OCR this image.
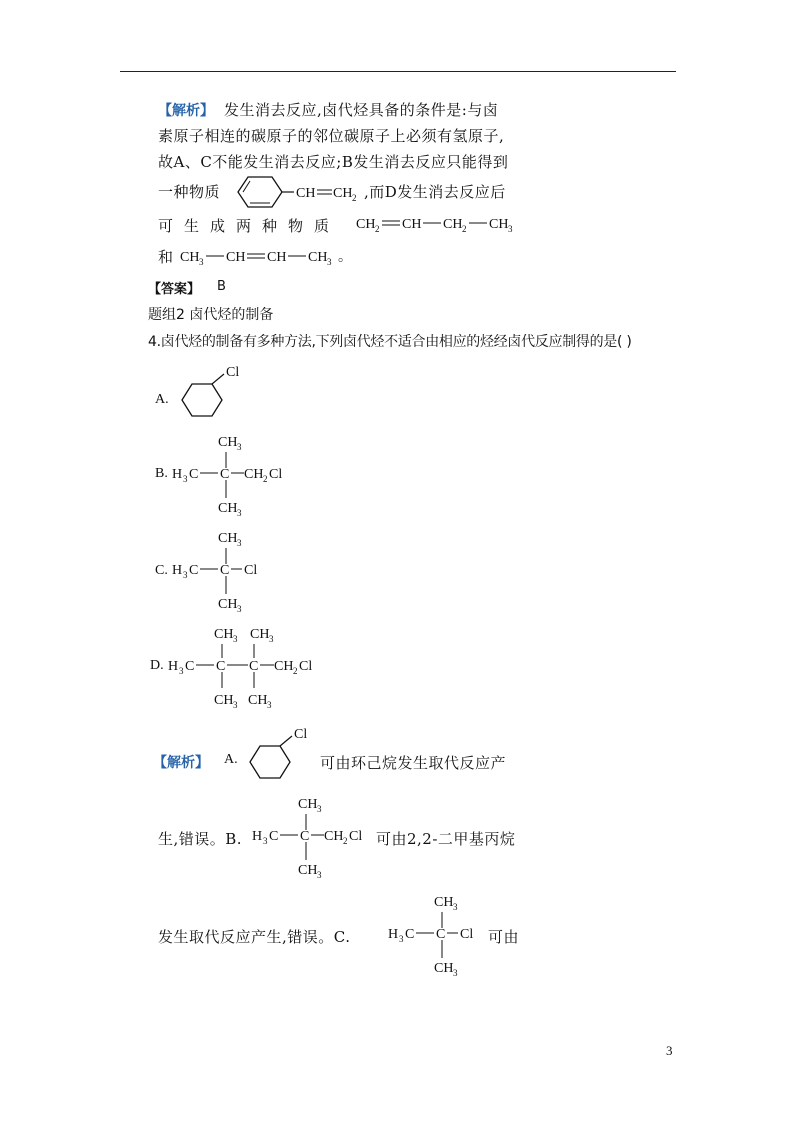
【解析】 发生消去反应,卤代烃具备的条件是:与卤
素原子相连的碳原子的邻位碳原子上必须有氢原子,
故A、C不能发生消去反应;B发生消去反应只能得到
一种物质	CH CH 2 ,而D发生消去反应后
可生成两种物质 CH 2 CH CH 2 CH 3
和 CH 3 CH CH CH 3 。
【答案】 B
题组2 卤代烃的制备
4.卤代烃的制备有多种方法,下列卤代烃不适合由相应的烃经卤代反应制得的是( )
A.
Cl
B.
CH 3
H 3 C C CH 2 Cl
CH 3
C.
CH 3
H 3 C C Cl
CH 3
D.
CH 3 CH 3
H 3 C C C CH 2 Cl
CH 3 CH 3
【解析】 A.
Cl
可由环己烷发生取代反应产
生,错误。B.
CH 3
H 3 C C CH 2 Cl
CH 3
可由2,2-二甲基丙烷
发生取代反应产生,错误。C.
CH 3
H 3 C C Cl
CH 3
可由
3
